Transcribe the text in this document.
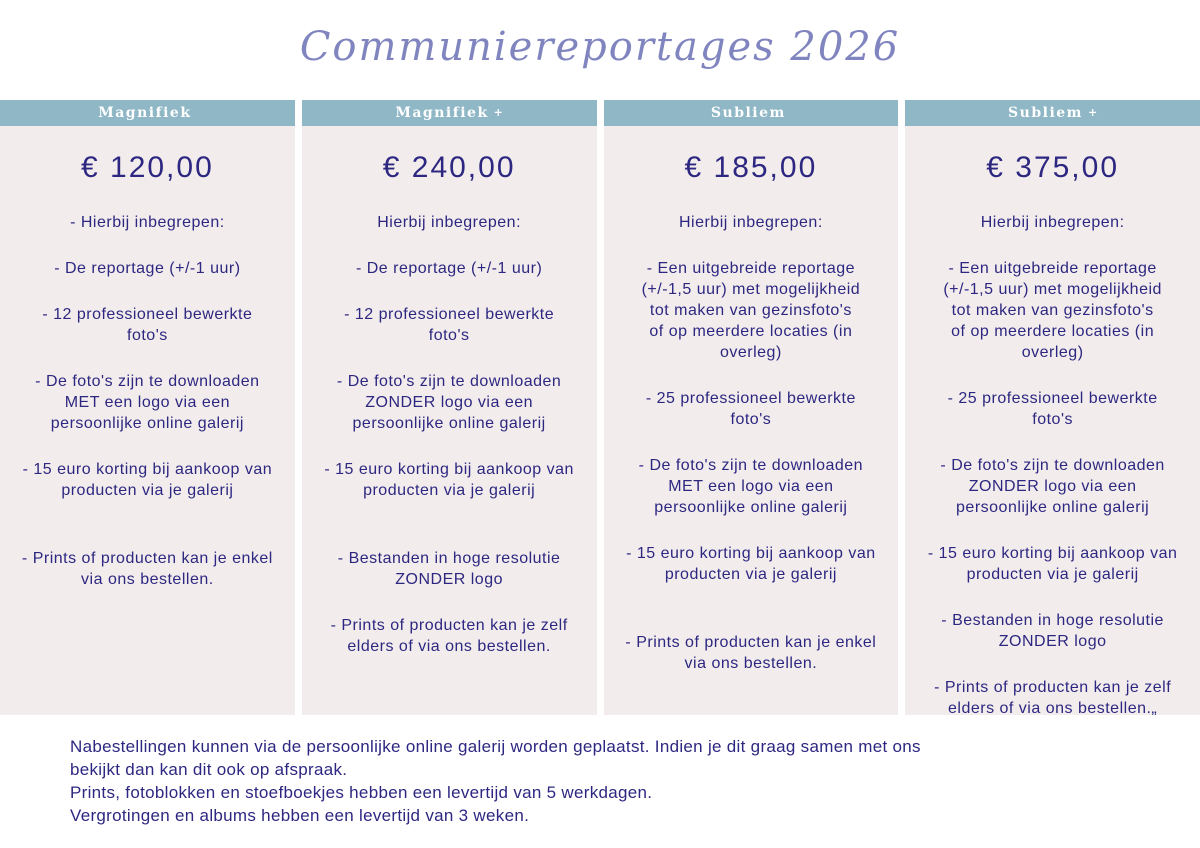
Communiereportages 2026
Magnifiek
€ 120,00

- Hierbij inbegrepen:

- De reportage (+/-1 uur)

- 12 professioneel bewerkte foto's

- De foto's zijn te downloaden MET een logo via een persoonlijke online galerij

- 15 euro korting bij aankoop van producten via je galerij

- Prints of producten kan je enkel via ons bestellen.

Magnifiek +
€ 240,00

Hierbij inbegrepen:

- De reportage (+/-1 uur)

- 12 professioneel bewerkte foto's

- De foto's zijn te downloaden ZONDER logo via een persoonlijke online galerij

- 15 euro korting bij aankoop van producten via je galerij

- Bestanden in hoge resolutie ZONDER logo

- Prints of producten kan je zelf elders of via ons bestellen.

Subliem
€ 185,00

Hierbij inbegrepen:

- Een uitgebreide reportage (+/-1,5 uur) met mogelijkheid tot maken van gezinsfoto's of op meerdere locaties (in overleg)

- 25 professioneel bewerkte foto's

- De foto's zijn te downloaden MET een logo via een persoonlijke online galerij

- 15 euro korting bij aankoop van producten via je galerij

- Prints of producten kan je enkel via ons bestellen.

Subliem +
€ 375,00

Hierbij inbegrepen:

- Een uitgebreide reportage (+/-1,5 uur) met mogelijkheid tot maken van gezinsfoto's of op meerdere locaties (in overleg)

- 25 professioneel bewerkte foto's

- De foto's zijn te downloaden ZONDER logo via een persoonlijke online galerij

- 15 euro korting bij aankoop van producten via je galerij

- Bestanden in hoge resolutie ZONDER logo

- Prints of producten kan je zelf elders of via ons bestellen.„

Nabestellingen kunnen via de persoonlijke online galerij worden geplaatst. Indien je dit graag samen met ons bekijkt dan kan dit ook op afspraak.

Prints, fotoblokken en stoefboekjes hebben een levertijd van 5 werkdagen.

Vergrotingen en albums hebben een levertijd van 3 weken.
